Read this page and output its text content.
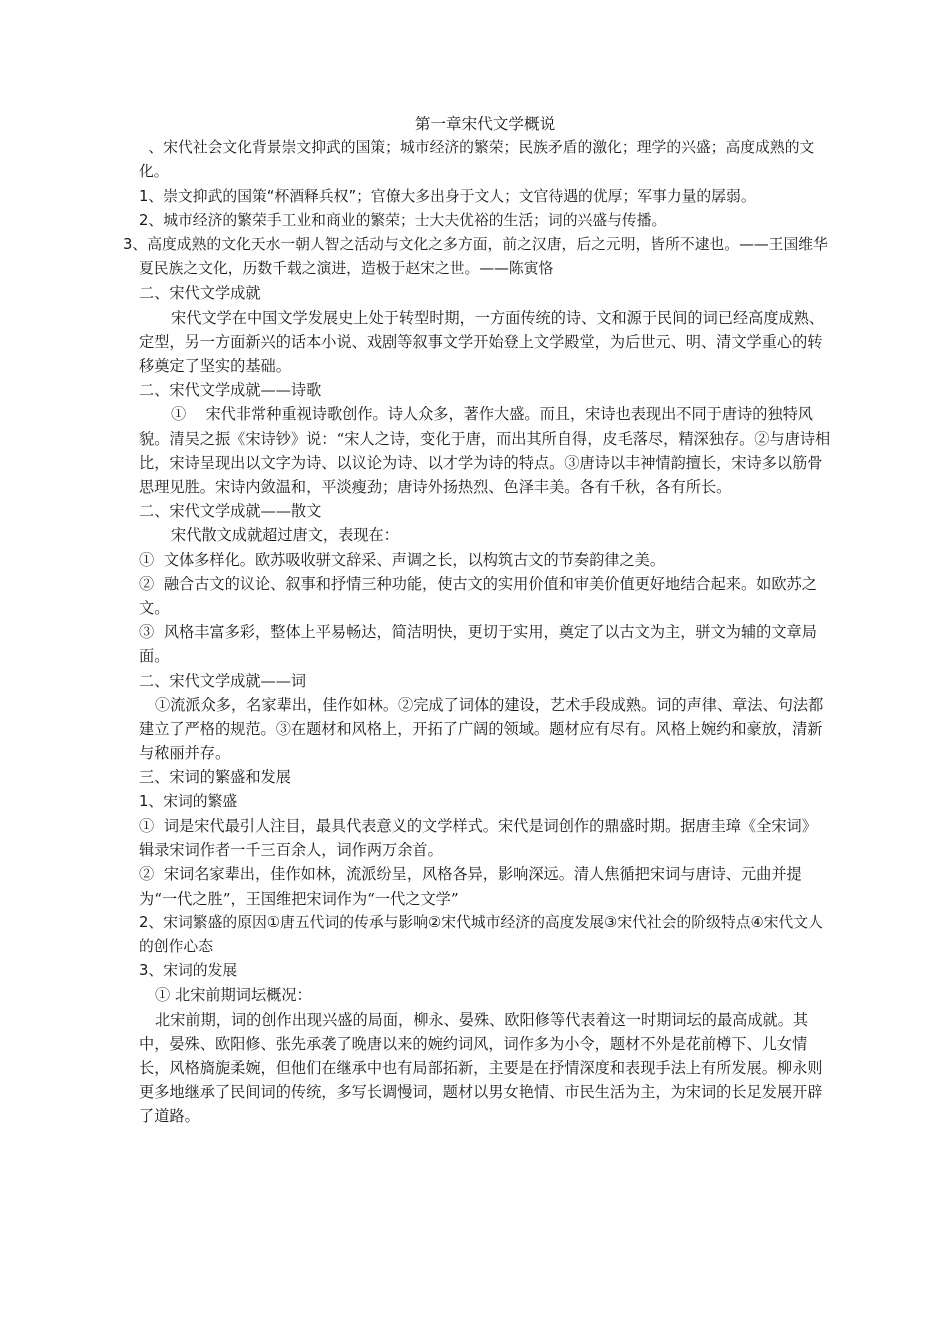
第一章宋代文学概说

、宋代社会文化背景崇文抑武的国策；城市经济的繁荣；民族矛盾的激化；理学的兴盛；高度成熟的文化。

1、崇文抑武的国策“杯酒释兵权”；官僚大多出身于文人；文官待遇的优厚；军事力量的孱弱。

2、城市经济的繁荣手工业和商业的繁荣；士大夫优裕的生活；词的兴盛与传播。

3、高度成熟的文化天水一朝人智之活动与文化之多方面，前之汉唐，后之元明，皆所不逮也。——王国维华夏民族之文化，历数千载之演进，造极于赵宋之世。——陈寅恪

二、宋代文学成就

宋代文学在中国文学发展史上处于转型时期，一方面传统的诗、文和源于民间的词已经高度成熟、定型，另一方面新兴的话本小说、戏剧等叙事文学开始登上文学殿堂，为后世元、明、清文学重心的转移奠定了坚实的基础。

二、宋代文学成就——诗歌

①    宋代非常种重视诗歌创作。诗人众多，著作大盛。而且，宋诗也表现出不同于唐诗的独特风貌。清吴之振《宋诗钞》说：“宋人之诗，变化于唐，而出其所自得，皮毛落尽，精深独存。②与唐诗相比，宋诗呈现出以文字为诗、以议论为诗、以才学为诗的特点。③唐诗以丰神情韵擅长，宋诗多以筋骨思理见胜。宋诗内敛温和，平淡瘦劲；唐诗外扬热烈、色泽丰美。各有千秋，各有所长。

二、宋代文学成就——散文

宋代散文成就超过唐文，表现在：

①  文体多样化。欧苏吸收骈文辞采、声调之长，以构筑古文的节奏韵律之美。

②  融合古文的议论、叙事和抒情三种功能，使古文的实用价值和审美价值更好地结合起来。如欧苏之文。

③  风格丰富多彩，整体上平易畅达，简洁明快，更切于实用，奠定了以古文为主，骈文为辅的文章局面。

二、宋代文学成就——词

①流派众多，名家辈出，佳作如林。②完成了词体的建设，艺术手段成熟。词的声律、章法、句法都建立了严格的规范。③在题材和风格上，开拓了广阔的领域。题材应有尽有。风格上婉约和豪放，清新与秾丽并存。

三、宋词的繁盛和发展

1、宋词的繁盛

①  词是宋代最引人注目，最具代表意义的文学样式。宋代是词创作的鼎盛时期。据唐圭璋《全宋词》辑录宋词作者一千三百余人，词作两万余首。

②  宋词名家辈出，佳作如林，流派纷呈，风格各异，影响深远。清人焦循把宋词与唐诗、元曲并提为“一代之胜”，王国维把宋词作为“一代之文学”

2、宋词繁盛的原因①唐五代词的传承与影响②宋代城市经济的高度发展③宋代社会的阶级特点④宋代文人的创作心态

3、宋词的发展

① 北宋前期词坛概况：

北宋前期，词的创作出现兴盛的局面，柳永、晏殊、欧阳修等代表着这一时期词坛的最高成就。其中，晏殊、欧阳修、张先承袭了晚唐以来的婉约词风，词作多为小令，题材不外是花前樽下、儿女情长，风格旖旎柔婉，但他们在继承中也有局部拓新，主要是在抒情深度和表现手法上有所发展。柳永则更多地继承了民间词的传统，多写长调慢词，题材以男女艳情、市民生活为主，为宋词的长足发展开辟了道路。
